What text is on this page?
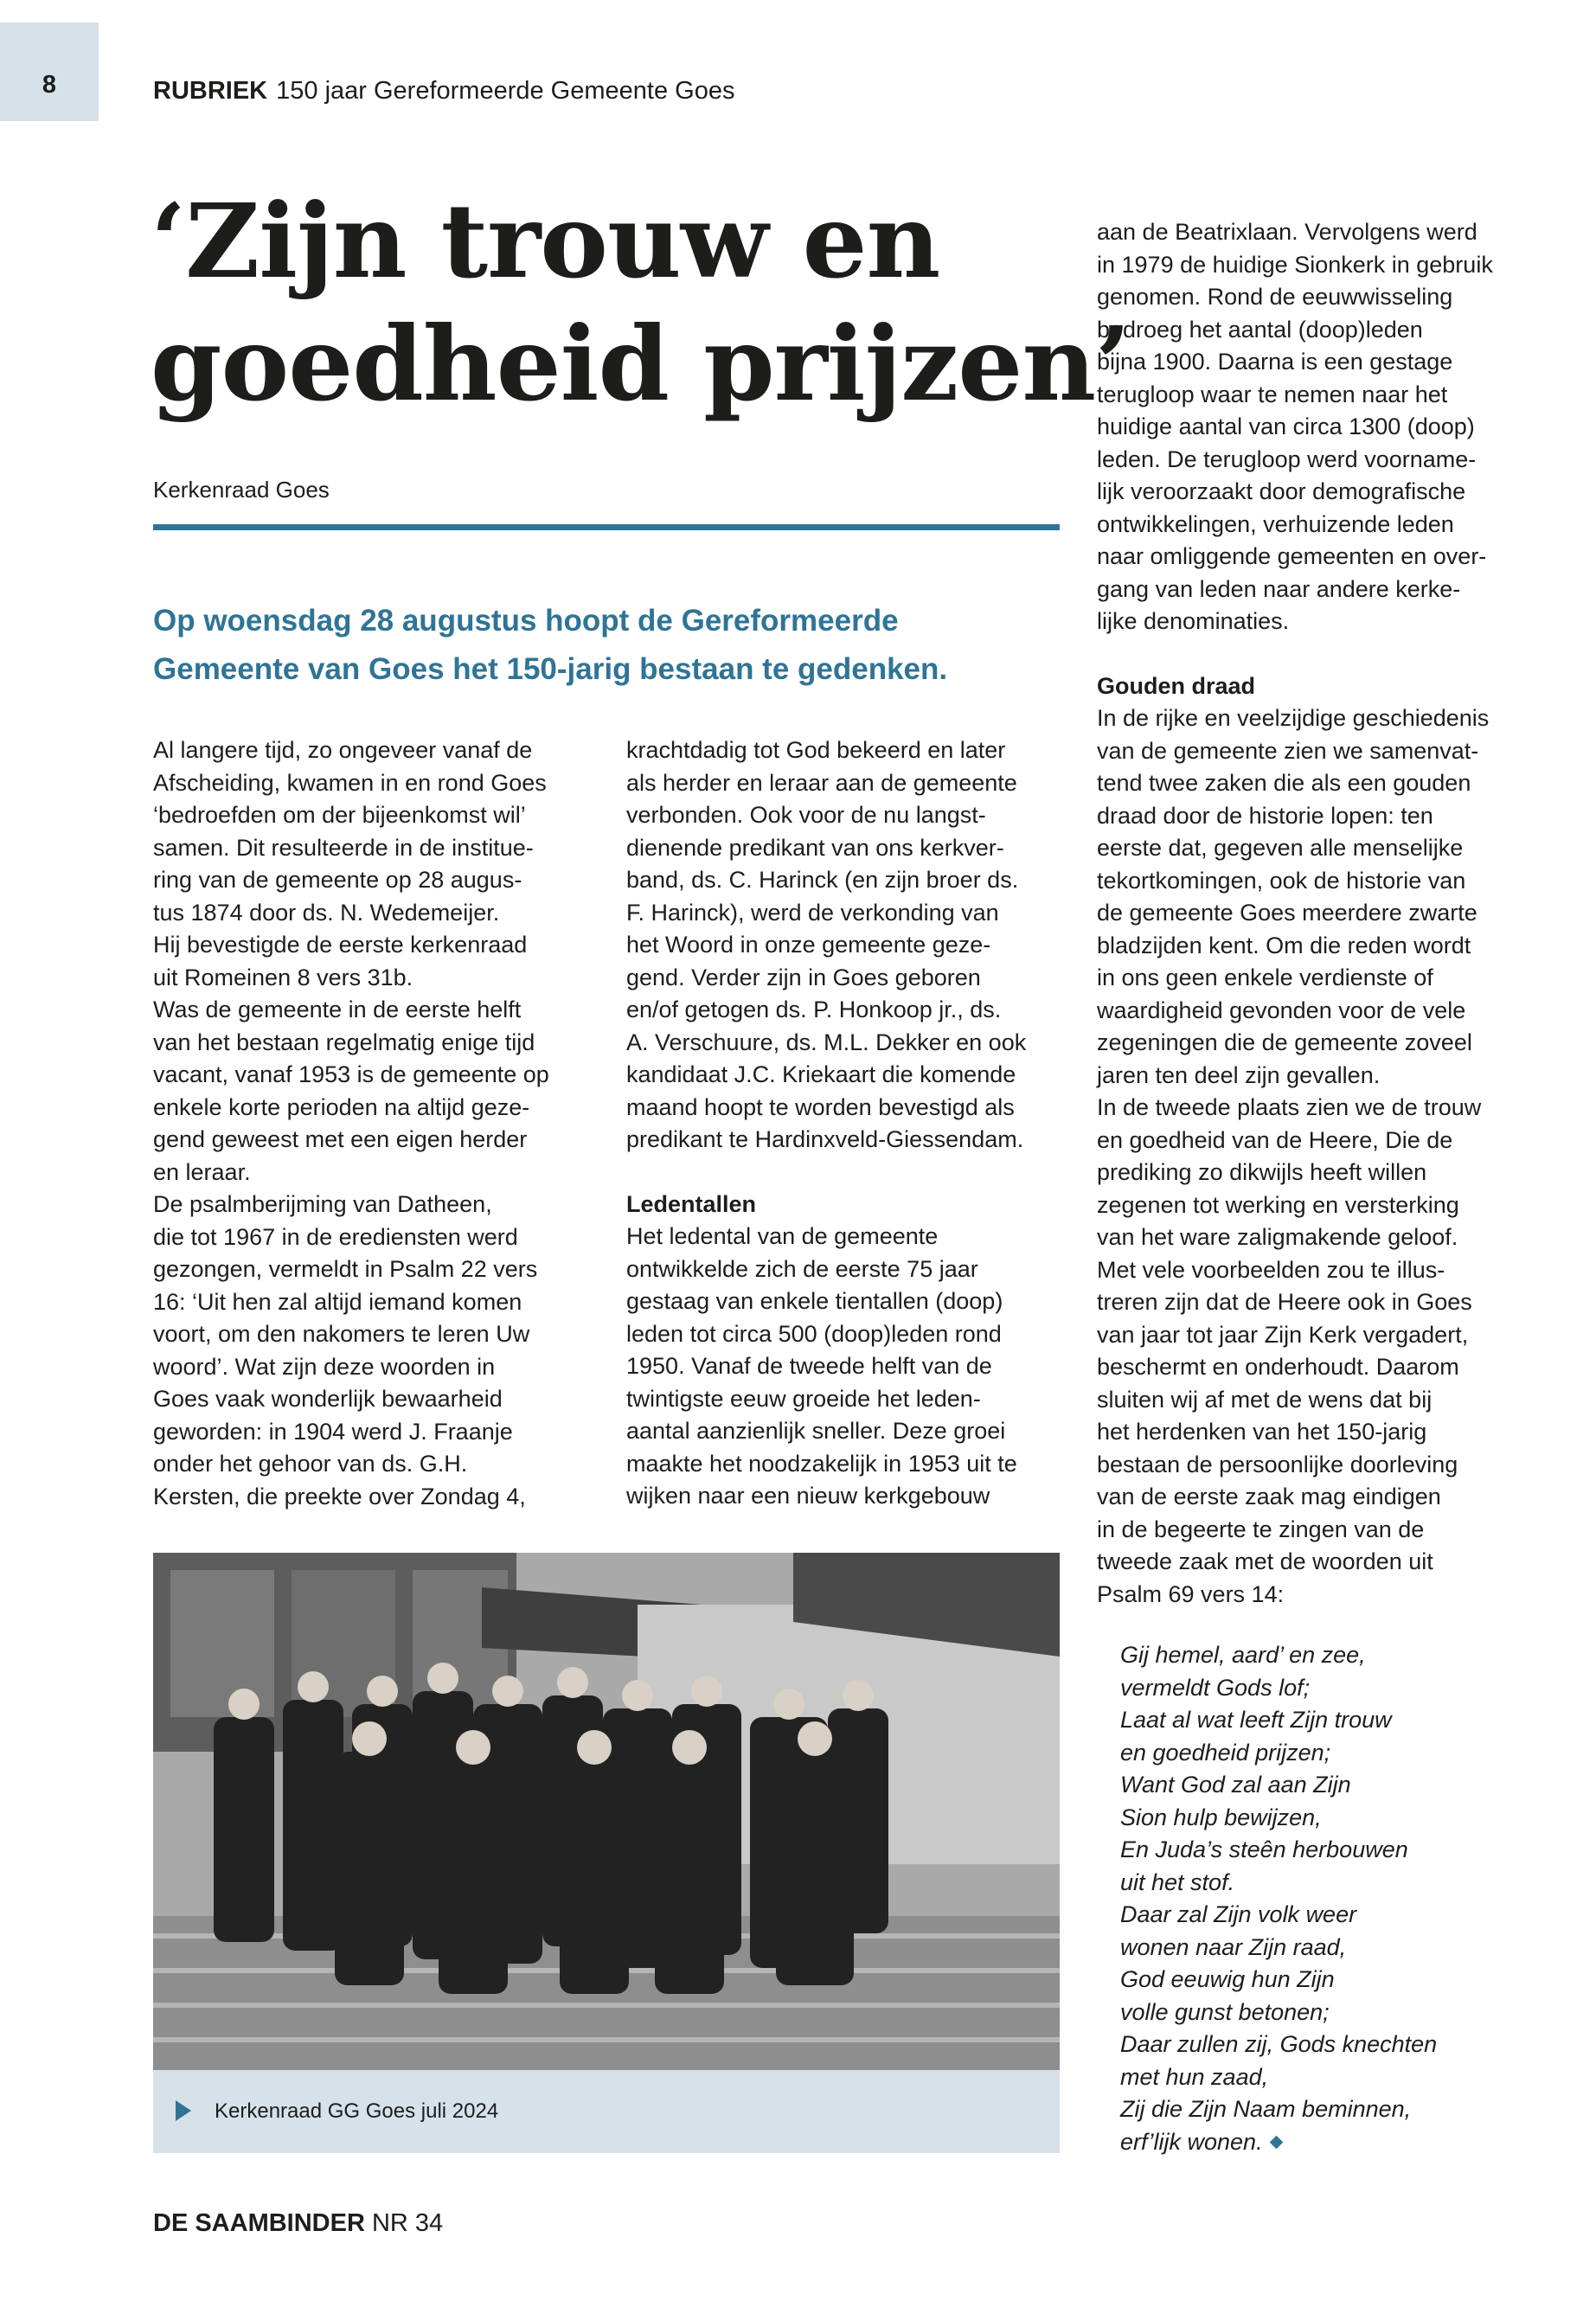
8	RUBRIEK 150 jaar Gereformeerde Gemeente Goes
‘Zijn trouw en
goedheid prijzen’
Kerkenraad Goes
Op woensdag 28 augustus hoopt de Gereformeerde
Gemeente van Goes het 150-jarig bestaan te gedenken.
Al langere tijd, zo ongeveer vanaf de
Afscheiding, kwamen in en rond Goes
‘bedroefden om der bijeenkomst wil’
samen. Dit resulteerde in de institue-
ring van de gemeente op 28 augus-
tus 1874 door ds. N. Wedemeijer.
Hij bevestigde de eerste kerkenraad
uit Romeinen 8 vers 31b.
Was de gemeente in de eerste helft
van het bestaan regelmatig enige tijd
vacant, vanaf 1953 is de gemeente op
enkele korte perioden na altijd geze-
gend geweest met een eigen herder
en leraar.
De psalmberijming van Datheen,
die tot 1967 in de erediensten werd
gezongen, vermeldt in Psalm 22 vers
16: ‘Uit hen zal altijd iemand komen
voort, om den nakomers te leren Uw
woord’. Wat zijn deze woorden in
Goes vaak wonderlijk bewaarheid
geworden: in 1904 werd J. Fraanje
onder het gehoor van ds. G.H.
Kersten, die preekte over Zondag 4,
krachtdadig tot God bekeerd en later
als herder en leraar aan de gemeente
verbonden. Ook voor de nu langst-
dienende predikant van ons kerkver-
band, ds. C. Harinck (en zijn broer ds.
F. Harinck), werd de verkonding van
het Woord in onze gemeente geze-
gend. Verder zijn in Goes geboren
en/of getogen ds. P. Honkoop jr., ds.
A. Verschuure, ds. M.L. Dekker en ook
kandidaat J.C. Kriekaart die komende
maand hoopt te worden bevestigd als
predikant te Hardinxveld-Giessendam.
Ledentallen
Het ledental van de gemeente
ontwikkelde zich de eerste 75 jaar
gestaag van enkele tientallen (doop)
leden tot circa 500 (doop)leden rond
1950. Vanaf de tweede helft van de
twintigste eeuw groeide het leden-
aantal aanzienlijk sneller. Deze groei
maakte het noodzakelijk in 1953 uit te
wijken naar een nieuw kerkgebouw
aan de Beatrixlaan. Vervolgens werd
in 1979 de huidige Sionkerk in gebruik
genomen. Rond de eeuwwisseling
bedroeg het aantal (doop)leden
bijna 1900. Daarna is een gestage
terugloop waar te nemen naar het
huidige aantal van circa 1300 (doop)
leden. De terugloop werd voorname-
lijk veroorzaakt door demografische
ontwikkelingen, verhuizende leden
naar omliggende gemeenten en over-
gang van leden naar andere kerke-
lijke denominaties.
Gouden draad
In de rijke en veelzijdige geschiedenis
van de gemeente zien we samenvat-
tend twee zaken die als een gouden
draad door de historie lopen: ten
eerste dat, gegeven alle menselijke
tekortkomingen, ook de historie van
de gemeente Goes meerdere zwarte
bladzijden kent. Om die reden wordt
in ons geen enkele verdienste of
waardigheid gevonden voor de vele
zegeningen die de gemeente zoveel
jaren ten deel zijn gevallen.
In de tweede plaats zien we de trouw
en goedheid van de Heere, Die de
prediking zo dikwijls heeft willen
zegenen tot werking en versterking
van het ware zaligmakende geloof.
Met vele voorbeelden zou te illus-
treren zijn dat de Heere ook in Goes
van jaar tot jaar Zijn Kerk vergadert,
beschermt en onderhoudt. Daarom
sluiten wij af met de wens dat bij
het herdenken van het 150-jarig
bestaan de persoonlijke doorleving
van de eerste zaak mag eindigen
in de begeerte te zingen van de
tweede zaak met de woorden uit
Psalm 69 vers 14:
Gij hemel, aard’ en zee,
vermeldt Gods lof;
Laat al wat leeft Zijn trouw
en goedheid prijzen;
Want God zal aan Zijn
Sion hulp bewijzen,
En Juda’s steên herbouwen
uit het stof.
Daar zal Zijn volk weer
wonen naar Zijn raad,
God eeuwig hun Zijn
volle gunst betonen;
Daar zullen zij, Gods knechten
met hun zaad,
Zij die Zijn Naam beminnen,
erf’lijk wonen.
Kerkenraad GG Goes juli 2024
DE SAAMBINDER NR 34
